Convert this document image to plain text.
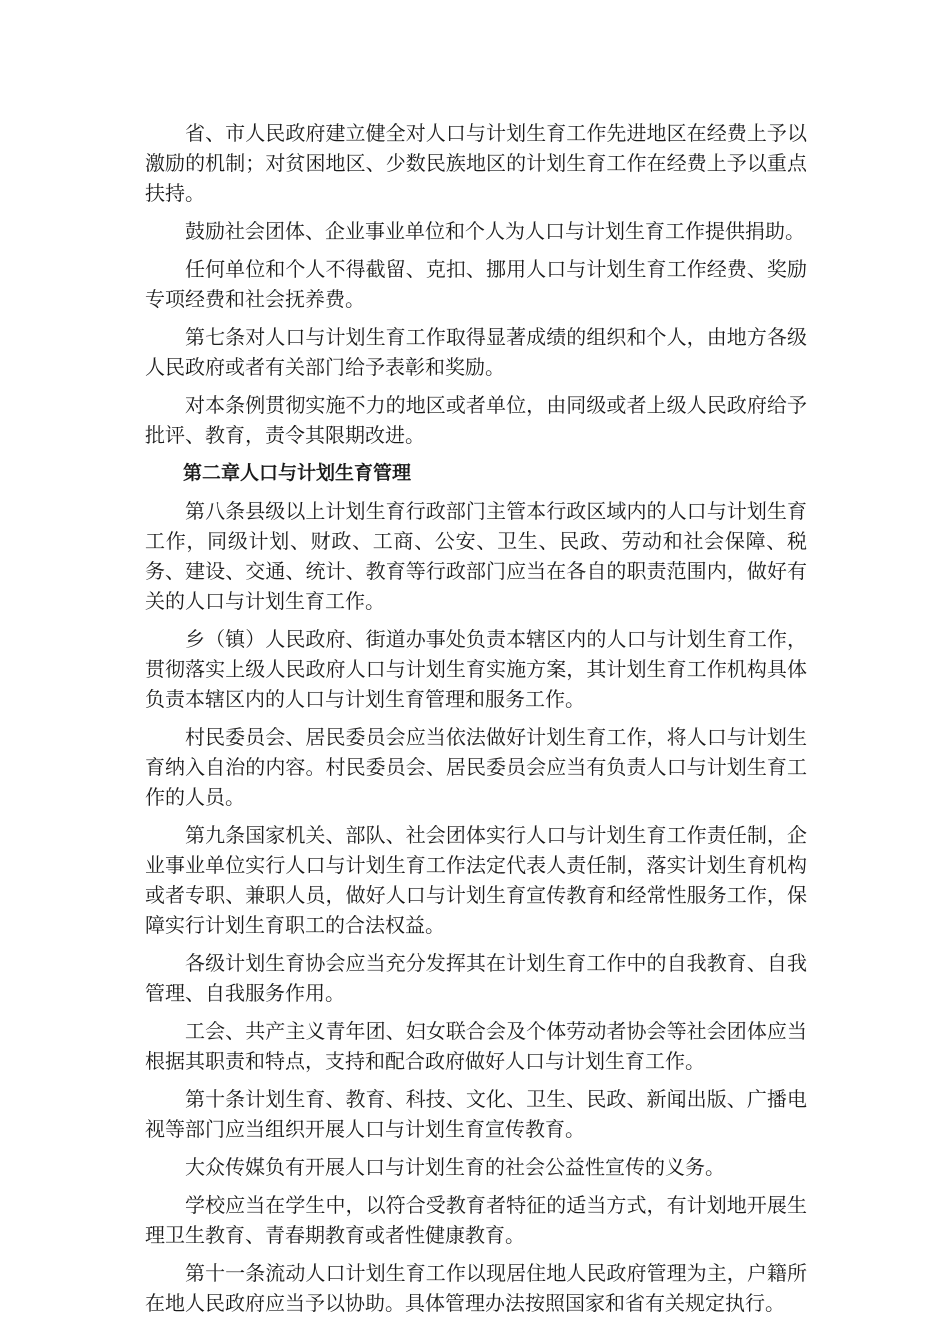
省、市人民政府建立健全对人口与计划生育工作先进地区在经费上予以激励的机制；对贫困地区、少数民族地区的计划生育工作在经费上予以重点扶持。

鼓励社会团体、企业事业单位和个人为人口与计划生育工作提供捐助。

任何单位和个人不得截留、克扣、挪用人口与计划生育工作经费、奖励专项经费和社会抚养费。

第七条对人口与计划生育工作取得显著成绩的组织和个人，由地方各级人民政府或者有关部门给予表彰和奖励。

对本条例贯彻实施不力的地区或者单位，由同级或者上级人民政府给予批评、教育，责令其限期改进。

第二章人口与计划生育管理

第八条县级以上计划生育行政部门主管本行政区域内的人口与计划生育工作，同级计划、财政、工商、公安、卫生、民政、劳动和社会保障、税务、建设、交通、统计、教育等行政部门应当在各自的职责范围内，做好有关的人口与计划生育工作。

乡（镇）人民政府、街道办事处负责本辖区内的人口与计划生育工作，贯彻落实上级人民政府人口与计划生育实施方案，其计划生育工作机构具体负责本辖区内的人口与计划生育管理和服务工作。

村民委员会、居民委员会应当依法做好计划生育工作，将人口与计划生育纳入自治的内容。村民委员会、居民委员会应当有负责人口与计划生育工作的人员。

第九条国家机关、部队、社会团体实行人口与计划生育工作责任制，企业事业单位实行人口与计划生育工作法定代表人责任制，落实计划生育机构或者专职、兼职人员，做好人口与计划生育宣传教育和经常性服务工作，保障实行计划生育职工的合法权益。

各级计划生育协会应当充分发挥其在计划生育工作中的自我教育、自我管理、自我服务作用。

工会、共产主义青年团、妇女联合会及个体劳动者协会等社会团体应当根据其职责和特点，支持和配合政府做好人口与计划生育工作。

第十条计划生育、教育、科技、文化、卫生、民政、新闻出版、广播电视等部门应当组织开展人口与计划生育宣传教育。

大众传媒负有开展人口与计划生育的社会公益性宣传的义务。

学校应当在学生中，以符合受教育者特征的适当方式，有计划地开展生理卫生教育、青春期教育或者性健康教育。

第十一条流动人口计划生育工作以现居住地人民政府管理为主，户籍所在地人民政府应当予以协助。具体管理办法按照国家和省有关规定执行。
